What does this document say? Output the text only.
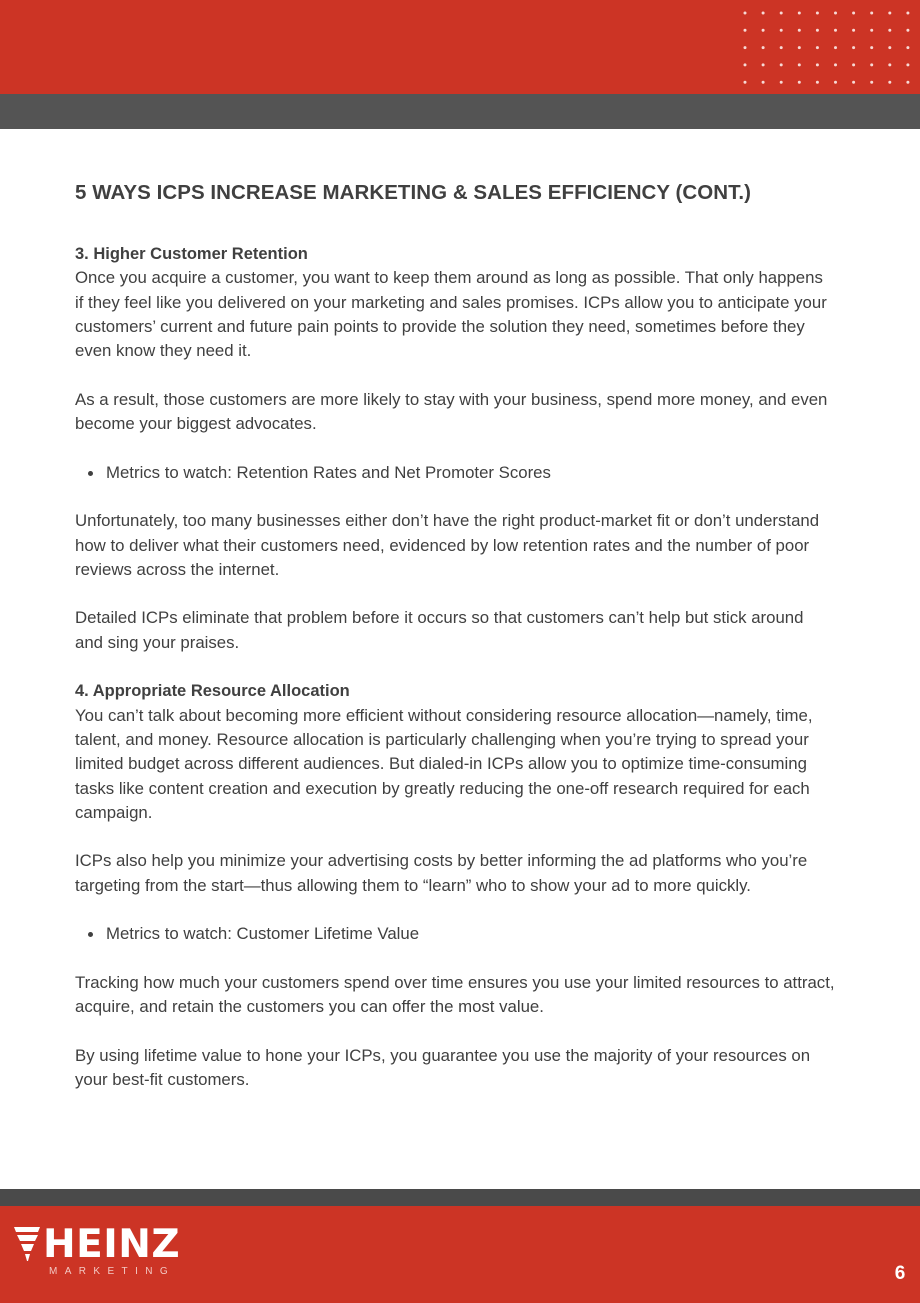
5 WAYS ICPS INCREASE MARKETING & SALES EFFICIENCY (CONT.)
3. Higher Customer Retention

Once you acquire a customer, you want to keep them around as long as possible. That only happens if they feel like you delivered on your marketing and sales promises. ICPs allow you to anticipate your customers’ current and future pain points to provide the solution they need, sometimes before they even know they need it.

As a result, those customers are more likely to stay with your business, spend more money, and even become your biggest advocates.

Metrics to watch: Retention Rates and Net Promoter Scores

Unfortunately, too many businesses either don’t have the right product-market fit or don’t understand how to deliver what their customers need, evidenced by low retention rates and the number of poor reviews across the internet.

Detailed ICPs eliminate that problem before it occurs so that customers can’t help but stick around and sing your praises.

4. Appropriate Resource Allocation

You can’t talk about becoming more efficient without considering resource allocation—namely, time, talent, and money. Resource allocation is particularly challenging when you’re trying to spread your limited budget across different audiences. But dialed-in ICPs allow you to optimize time-consuming tasks like content creation and execution by greatly reducing the one-off research required for each campaign.

ICPs also help you minimize your advertising costs by better informing the ad platforms who you’re targeting from the start—thus allowing them to “learn” who to show your ad to more quickly.

Metrics to watch: Customer Lifetime Value

Tracking how much your customers spend over time ensures you use your limited resources to attract, acquire, and retain the customers you can offer the most value.

By using lifetime value to hone your ICPs, you guarantee you use the majority of your resources on your best-fit customers.

HEINZ
MARKETING	6
